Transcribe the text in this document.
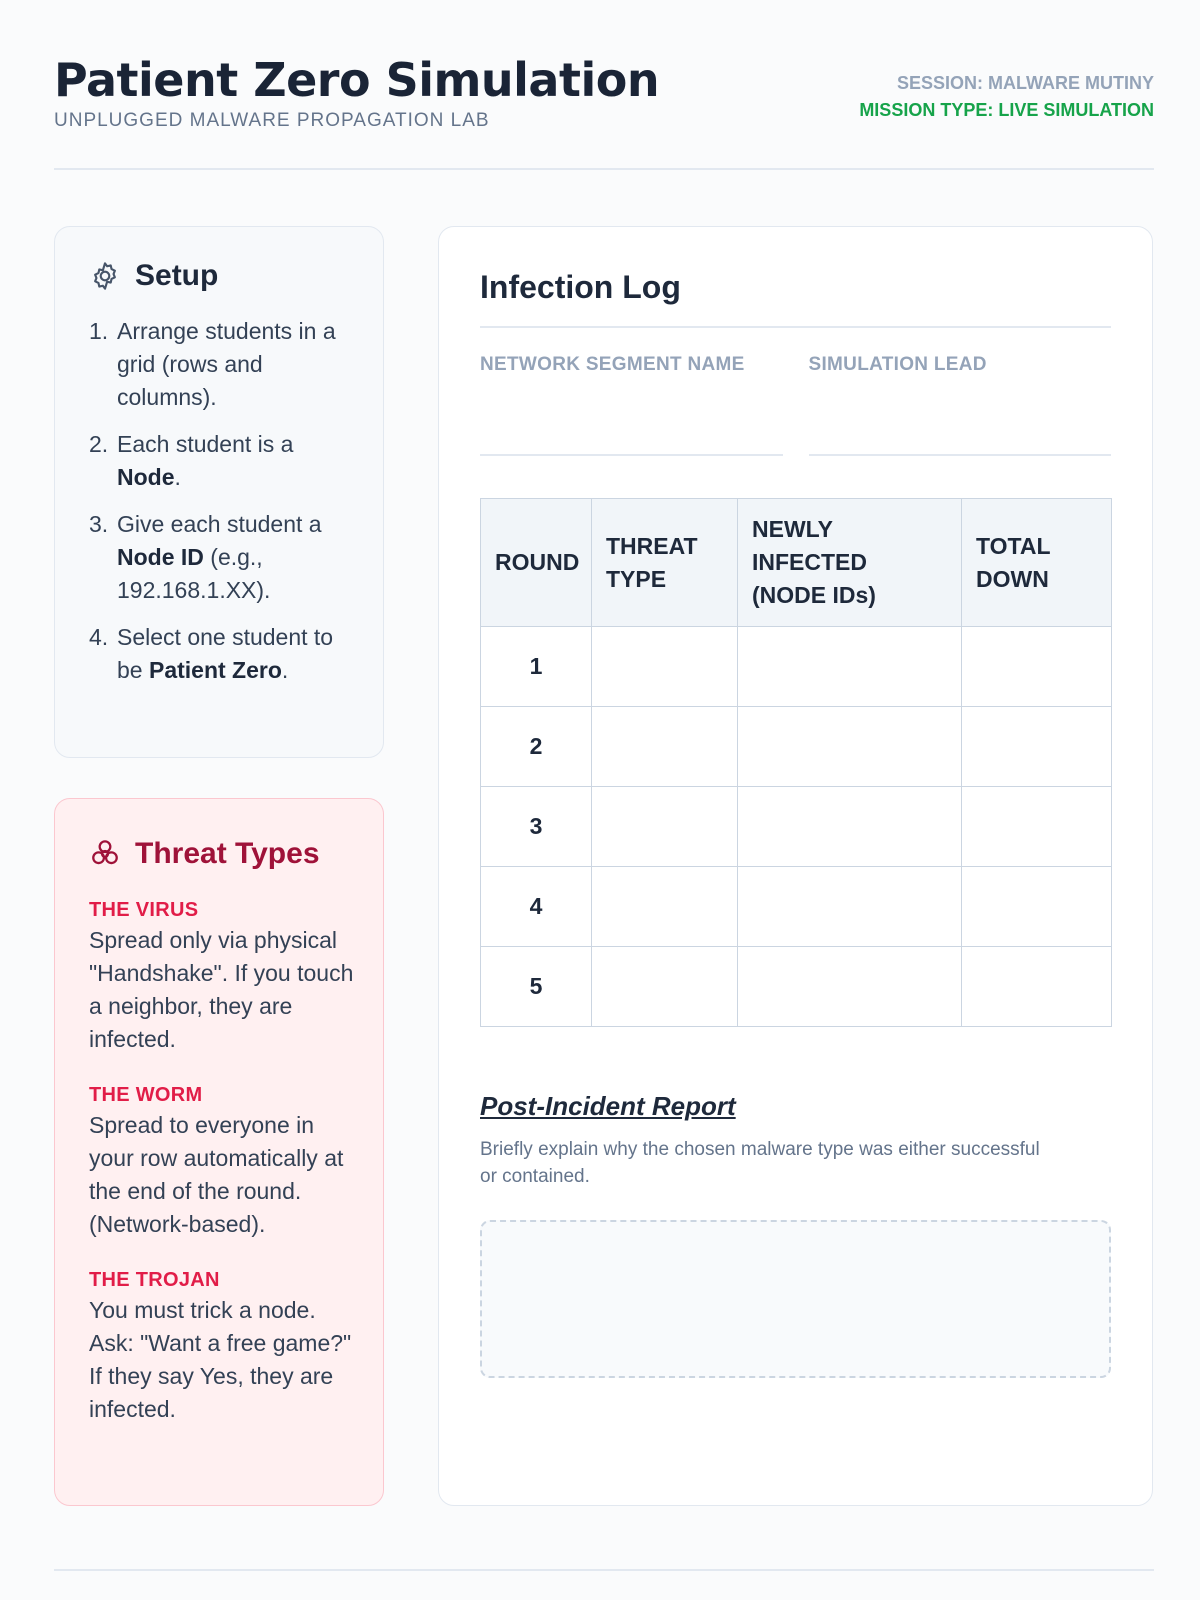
Patient Zero Simulation
UNPLUGGED MALWARE PROPAGATION LAB
SESSION: MALWARE MUTINY
MISSION TYPE: LIVE SIMULATION
Setup
1. Arrange students in a grid (rows and columns).
2. Each student is a Node.
3. Give each student a Node ID (e.g., 192.168.1.XX).
4. Select one student to be Patient Zero.
Threat Types
THE VIRUS
Spread only via physical "Handshake". If you touch a neighbor, they are infected.
THE WORM
Spread to everyone in your row automatically at the end of the round. (Network-based).
THE TROJAN
You must trick a node. Ask: "Want a free game?" If they say Yes, they are infected.
Infection Log
NETWORK SEGMENT NAME	SIMULATION LEAD
ROUND	THREAT TYPE	NEWLY INFECTED (NODE IDs)	TOTAL DOWN
1			
2			
3			
4			
5			
Post-Incident Report
Briefly explain why the chosen malware type was either successful or contained.
